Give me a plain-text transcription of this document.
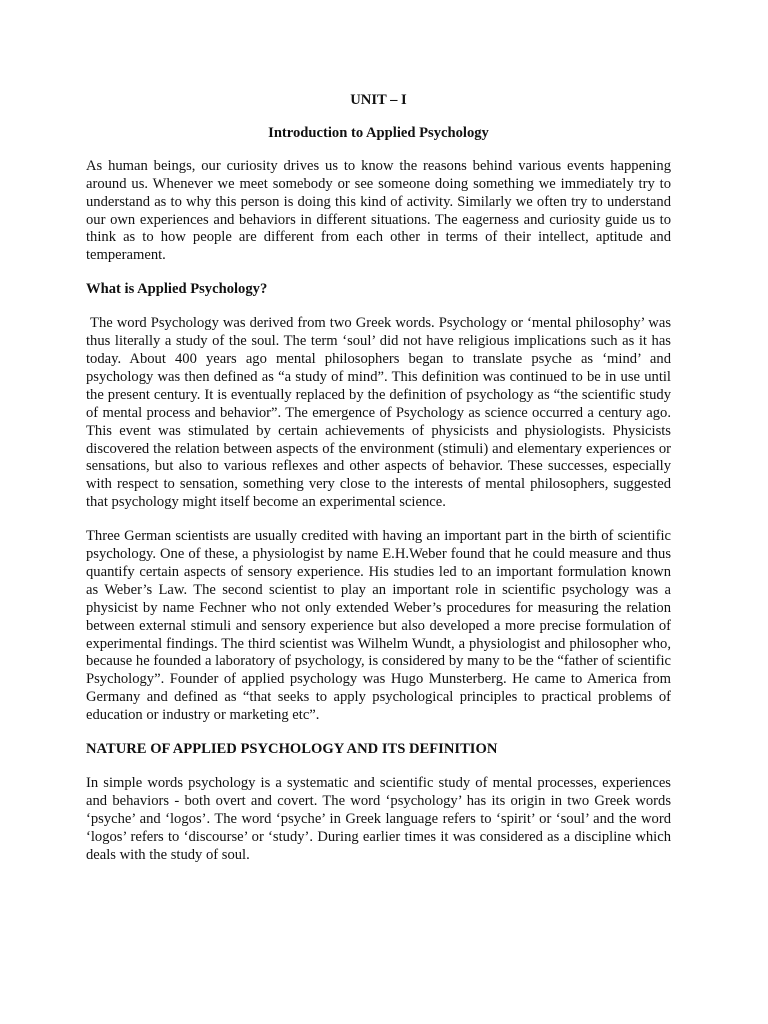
UNIT – I
Introduction to Applied Psychology

As human beings, our curiosity drives us to know the reasons behind various events happening around us. Whenever we meet somebody or see someone doing something we immediately try to understand as to why this person is doing this kind of activity. Similarly we often try to understand our own experiences and behaviors in different situations. The eagerness and curiosity guide us to think as to how people are different from each other in terms of their intellect, aptitude and temperament.

What is Applied Psychology?

The word Psychology was derived from two Greek words. Psychology or ‘mental philosophy’ was thus literally a study of the soul. The term ‘soul’ did not have religious implications such as it has today. About 400 years ago mental philosophers began to translate psyche as ‘mind’ and psychology was then defined as “a study of mind”. This definition was continued to be in use until the present century. It is eventually replaced by the definition of psychology as “the scientific study of mental process and behavior”. The emergence of Psychology as science occurred a century ago. This event was stimulated by certain achievements of physicists and physiologists. Physicists discovered the relation between aspects of the environment (stimuli) and elementary experiences or sensations, but also to various reflexes and other aspects of behavior. These successes, especially with respect to sensation, something very close to the interests of mental philosophers, suggested that psychology might itself become an experimental science.

Three German scientists are usually credited with having an important part in the birth of scientific psychology. One of these, a physiologist by name E.H.Weber found that he could measure and thus quantify certain aspects of sensory experience. His studies led to an important formulation known as Weber’s Law. The second scientist to play an important role in scientific psychology was a physicist by name Fechner who not only extended Weber’s procedures for measuring the relation between external stimuli and sensory experience but also developed a more precise formulation of experimental findings. The third scientist was Wilhelm Wundt, a physiologist and philosopher who, because he founded a laboratory of psychology, is considered by many to be the “father of scientific Psychology”. Founder of applied psychology was Hugo Munsterberg. He came to America from Germany and defined as “that seeks to apply psychological principles to practical problems of education or industry or marketing etc”.

NATURE OF APPLIED PSYCHOLOGY AND ITS DEFINITION

In simple words psychology is a systematic and scientific study of mental processes, experiences and behaviors - both overt and covert. The word ‘psychology’ has its origin in two Greek words ‘psyche’ and ‘logos’. The word ‘psyche’ in Greek language refers to ‘spirit’ or ‘soul’ and the word ‘logos’ refers to ‘discourse’ or ‘study’. During earlier times it was considered as a discipline which deals with the study of soul.
